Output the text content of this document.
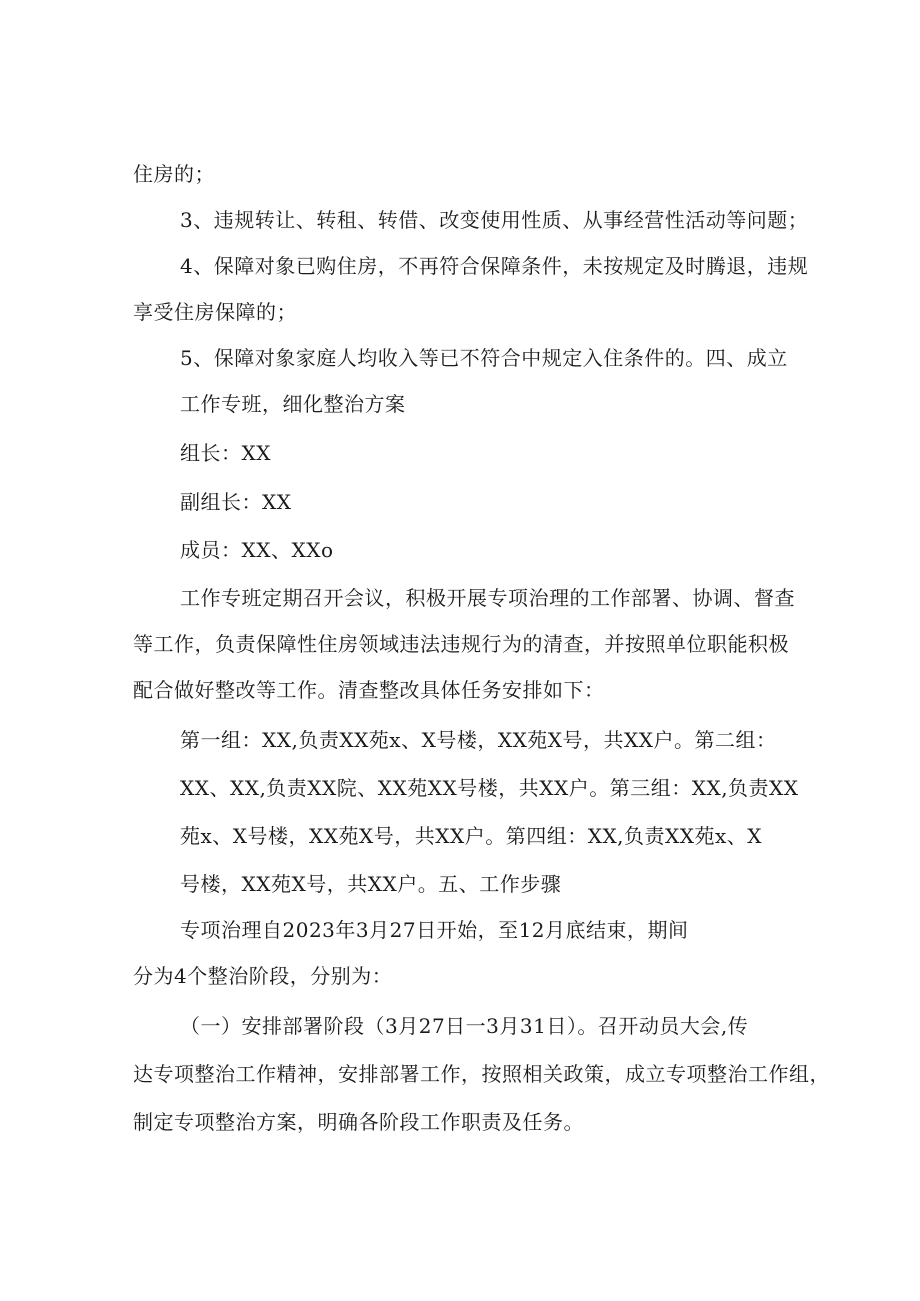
住房的；
3、违规转让、转租、转借、改变使用性质、从事经营性活动等问题；
4、保障对象已购住房，不再符合保障条件，未按规定及时腾退，违规
享受住房保障的；
5、保障对象家庭人均收入等已不符合中规定入住条件的。四、成立
工作专班，细化整治方案
组长：XX
副组长：XX
成员：XX、XXo
工作专班定期召开会议，积极开展专项治理的工作部署、协调、督查
等工作，负责保障性住房领域违法违规行为的清查，并按照单位职能积极
配合做好整改等工作。清查整改具体任务安排如下：
第一组：XX,负责XX苑x、X号楼，XX苑X号，共XX户。第二组：
XX、XX,负责XX院、XX苑XX号楼，共XX户。第三组：XX,负责XX
苑x、X号楼，XX苑X号，共XX户。第四组：XX,负责XX苑x、X
号楼，XX苑X号，共XX户。五、工作步骤
专项治理自2023年3月27日开始，至12月底结束，期间
分为4个整治阶段，分别为：
（一）安排部署阶段（3月27日一3月31日）。召开动员大会,传
达专项整治工作精神，安排部署工作，按照相关政策，成立专项整治工作组，
制定专项整治方案，明确各阶段工作职责及任务。
